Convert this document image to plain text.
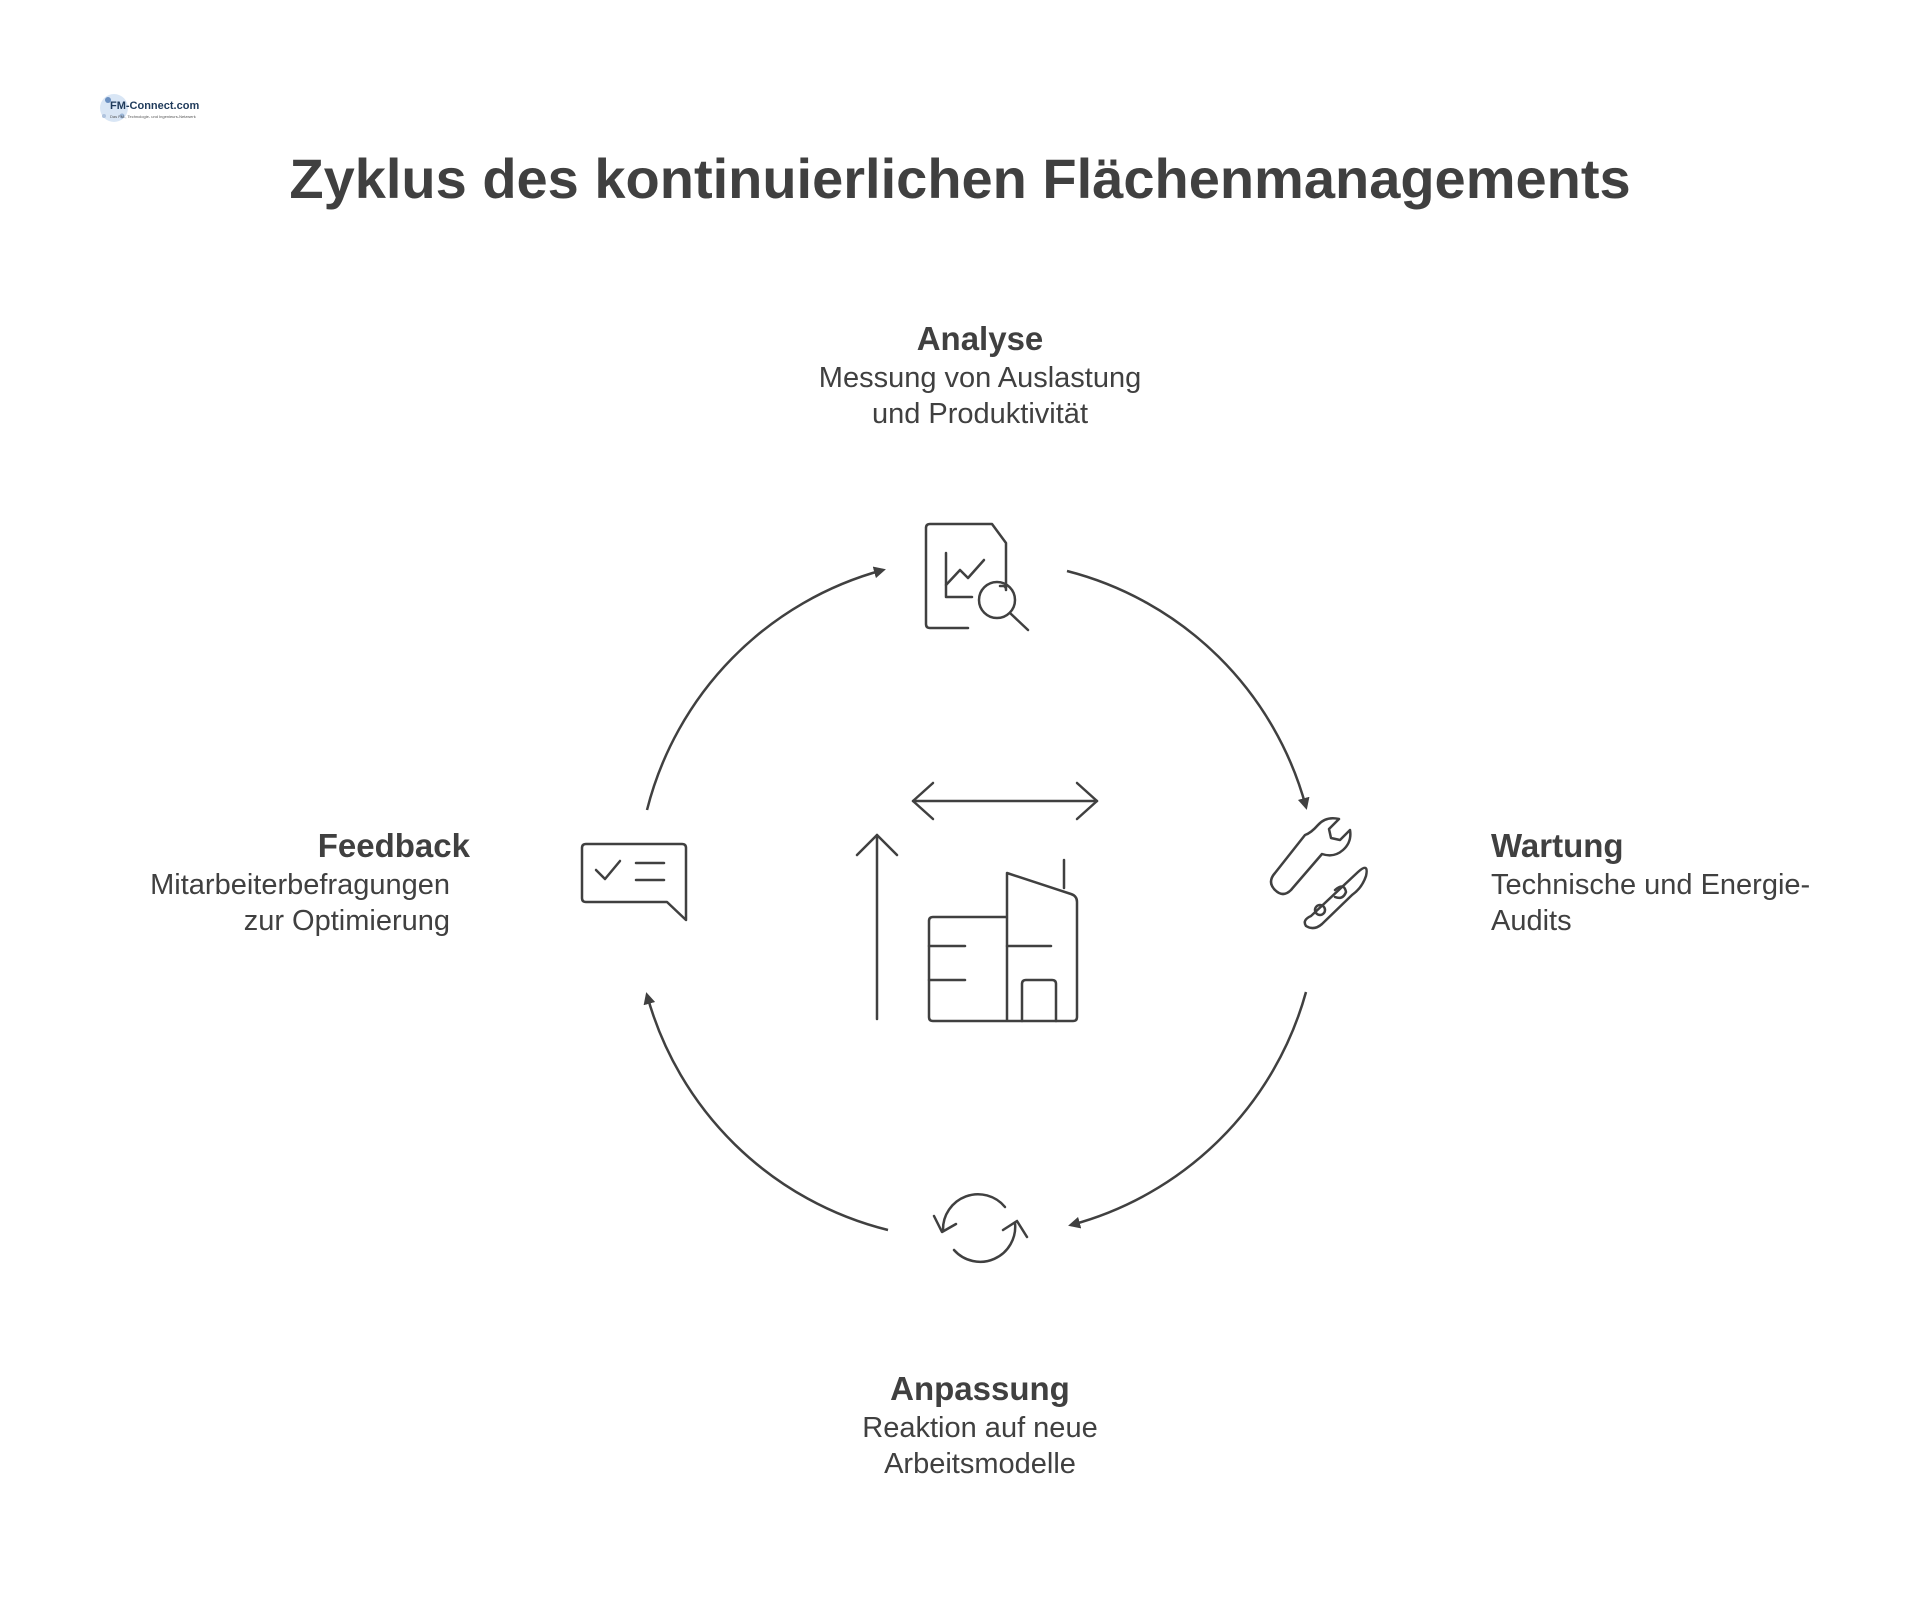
FM-Connect.com
Das FM-, Technologie- und Ingenieurs-Netzwerk
Zyklus des kontinuierlichen Flächenmanagements
Analyse
Messung von Auslastung
und Produktivität
Wartung
Technische und Energie-
Audits
Anpassung
Reaktion auf neue
Arbeitsmodelle
Feedback
Mitarbeiterbefragungen
zur Optimierung
